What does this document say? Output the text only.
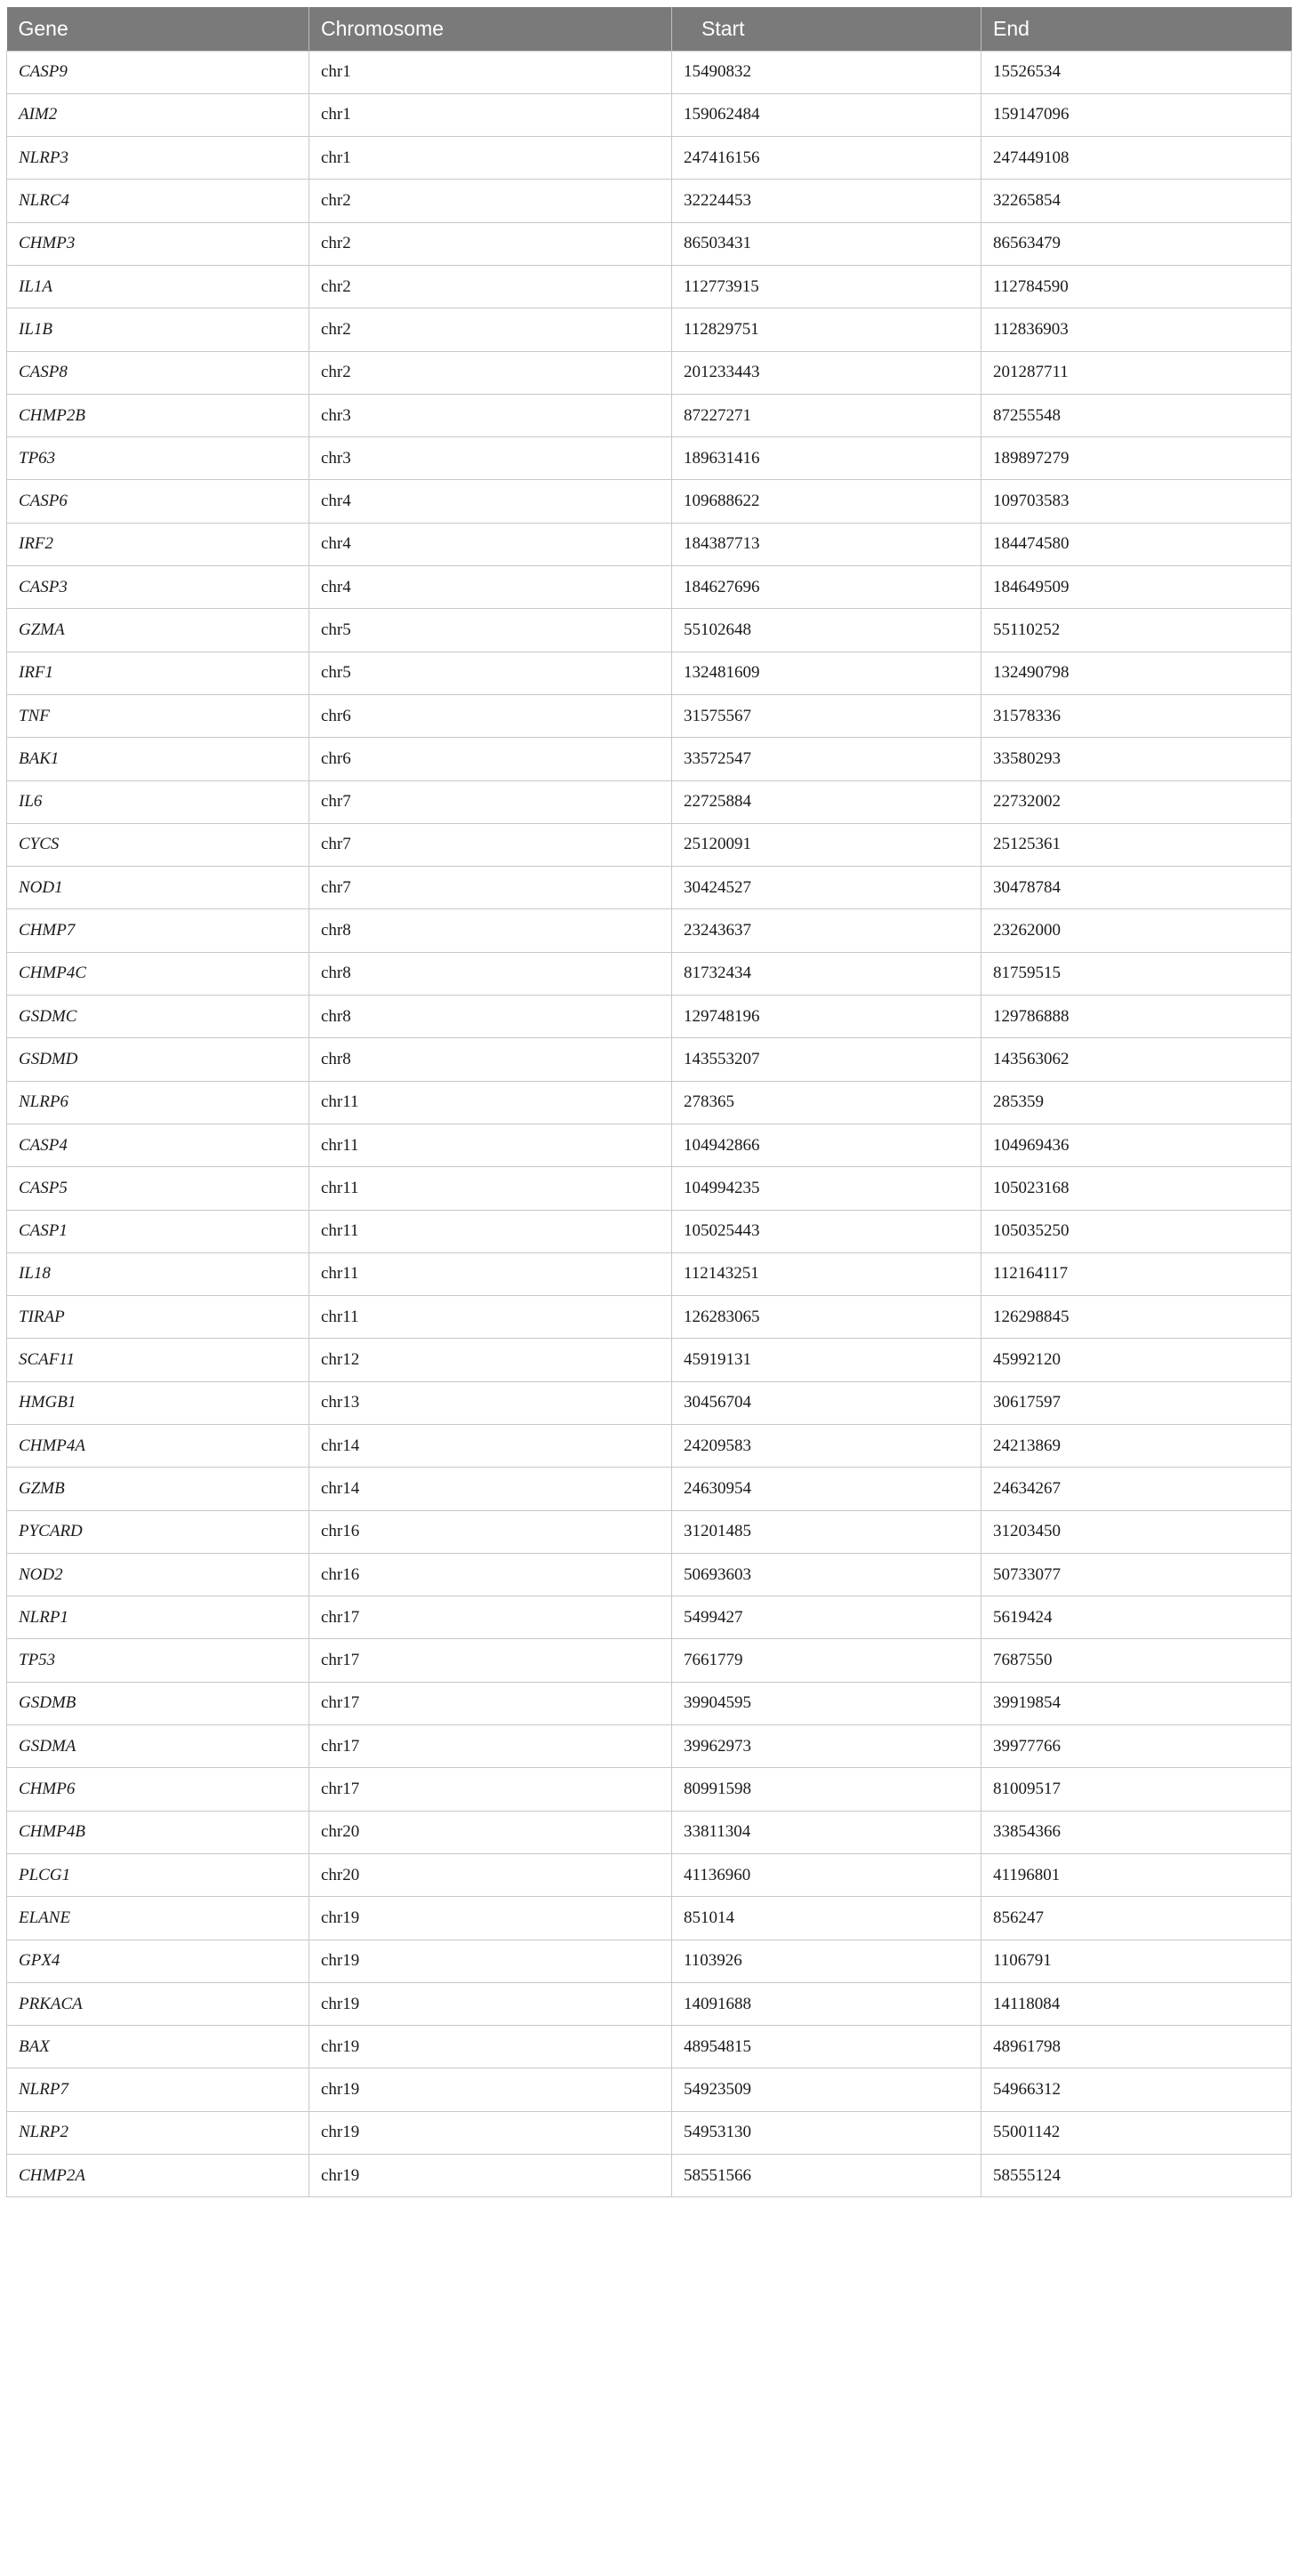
Gene	Chromosome	Start	End
CASP9	chr1	15490832	15526534
AIM2	chr1	159062484	159147096
NLRP3	chr1	247416156	247449108
NLRC4	chr2	32224453	32265854
CHMP3	chr2	86503431	86563479
IL1A	chr2	112773915	112784590
IL1B	chr2	112829751	112836903
CASP8	chr2	201233443	201287711
CHMP2B	chr3	87227271	87255548
TP63	chr3	189631416	189897279
CASP6	chr4	109688622	109703583
IRF2	chr4	184387713	184474580
CASP3	chr4	184627696	184649509
GZMA	chr5	55102648	55110252
IRF1	chr5	132481609	132490798
TNF	chr6	31575567	31578336
BAK1	chr6	33572547	33580293
IL6	chr7	22725884	22732002
CYCS	chr7	25120091	25125361
NOD1	chr7	30424527	30478784
CHMP7	chr8	23243637	23262000
CHMP4C	chr8	81732434	81759515
GSDMC	chr8	129748196	129786888
GSDMD	chr8	143553207	143563062
NLRP6	chr11	278365	285359
CASP4	chr11	104942866	104969436
CASP5	chr11	104994235	105023168
CASP1	chr11	105025443	105035250
IL18	chr11	112143251	112164117
TIRAP	chr11	126283065	126298845
SCAF11	chr12	45919131	45992120
HMGB1	chr13	30456704	30617597
CHMP4A	chr14	24209583	24213869
GZMB	chr14	24630954	24634267
PYCARD	chr16	31201485	31203450
NOD2	chr16	50693603	50733077
NLRP1	chr17	5499427	5619424
TP53	chr17	7661779	7687550
GSDMB	chr17	39904595	39919854
GSDMA	chr17	39962973	39977766
CHMP6	chr17	80991598	81009517
CHMP4B	chr20	33811304	33854366
PLCG1	chr20	41136960	41196801
ELANE	chr19	851014	856247
GPX4	chr19	1103926	1106791
PRKACA	chr19	14091688	14118084
BAX	chr19	48954815	48961798
NLRP7	chr19	54923509	54966312
NLRP2	chr19	54953130	55001142
CHMP2A	chr19	58551566	58555124
